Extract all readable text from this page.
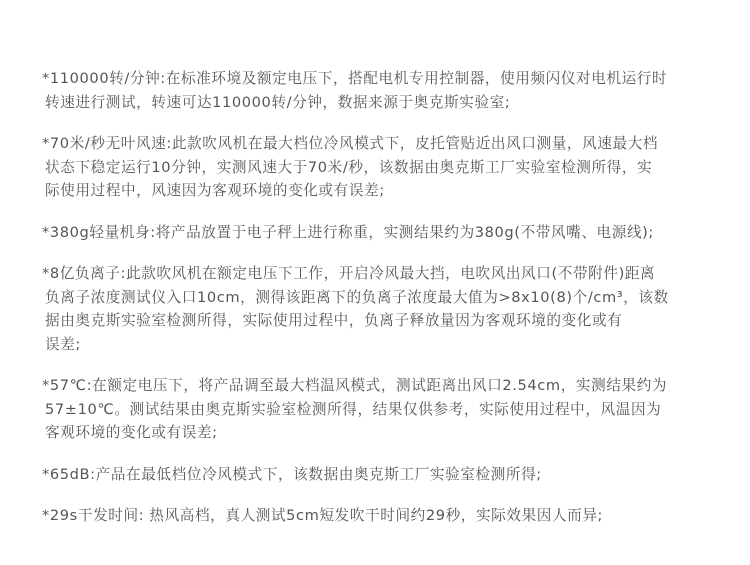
*110000转/分钟:在标准环境及额定电压下，搭配电机专用控制器，使用频闪仪对电机运行时
转速进行测试，转速可达110000转/分钟，数据来源于奥克斯实验室;

*70米/秒无叶风速:此款吹风机在最大档位冷风模式下，皮托管贴近出风口测量，风速最大档
状态下稳定运行10分钟，实测风速大于70米/秒，该数据由奥克斯工厂实验室检测所得，实
际使用过程中，风速因为客观环境的变化或有误差;

*380g轻量机身:将产品放置于电子秤上进行称重，实测结果约为380g(不带风嘴、电源线);

*8亿负离子:此款吹风机在额定电压下工作，开启冷风最大挡，电吹风出风口(不带附件)距离
负离子浓度测试仪入口10cm，测得该距离下的负离子浓度最大值为>8x10(8)个/cm³，该数
据由奥克斯实验室检测所得，实际使用过程中，负离子释放量因为客观环境的变化或有
误差;

*57℃:在额定电压下，将产品调至最大档温风模式，测试距离出风口2.54cm，实测结果约为
57±10℃。测试结果由奥克斯实验室检测所得，结果仅供参考，实际使用过程中，风温因为
客观环境的变化或有误差;

*65dB:产品在最低档位冷风模式下，该数据由奥克斯工厂实验室检测所得;

*29s干发时间: 热风高档，真人测试5cm短发吹干时间约29秒，实际效果因人而异;
